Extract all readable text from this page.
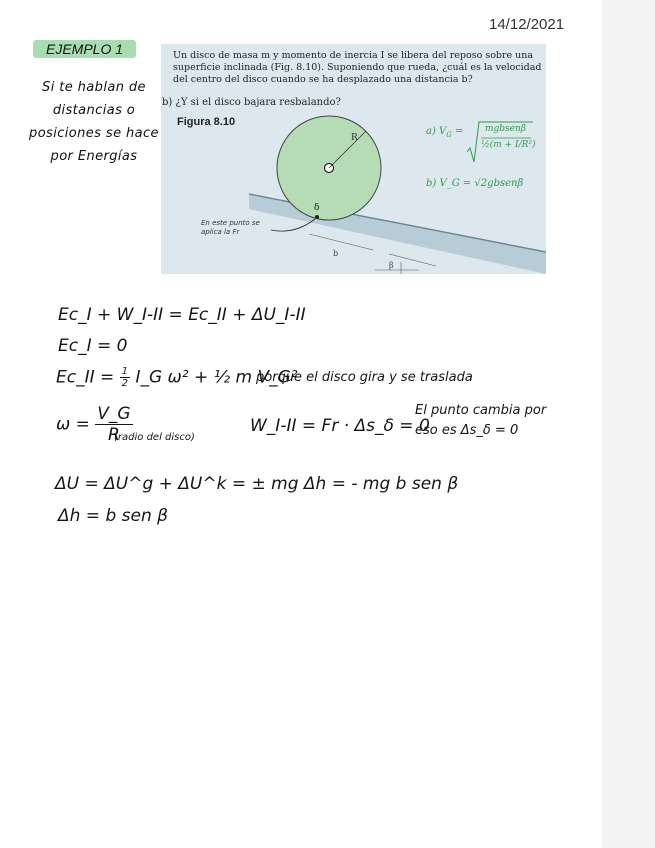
14/12/2021
EJEMPLO 1
Si te hablan de distancias o posiciones se hace por Energías
Un disco de masa m y momento de inercia I se libera del reposo sobre una superficie inclinada (Fig. 8.10). Suponiendo que rueda, ¿cuál es la velocidad del centro del disco cuando se ha desplazado una distancia b?
b) ¿Y si el disco bajara resbalando?
Figura 8.10
R
δ
En este punto se aplica la Fr
b
β
a) $V_G$ = mgbsenβ
½(m + I/R²)
b) V_G = √2gbsenβ
Ec_I + W_I-II = Ec_II + ΔU_I-II
Ec_I = 0
Ec_II = $\frac{1}{2}$ I_G ω² + ½ m V_G²
porque el disco gira y se traslada
$\omega = \frac{V\_G}{R}$
(radio del disco)
W_I-II = Fr · Δs_δ = 0
El punto cambia por
eso es Δs_δ = 0
ΔU = ΔU^g + ΔU^k = ± mg Δh = - mg b sen β
Δh = b sen β
